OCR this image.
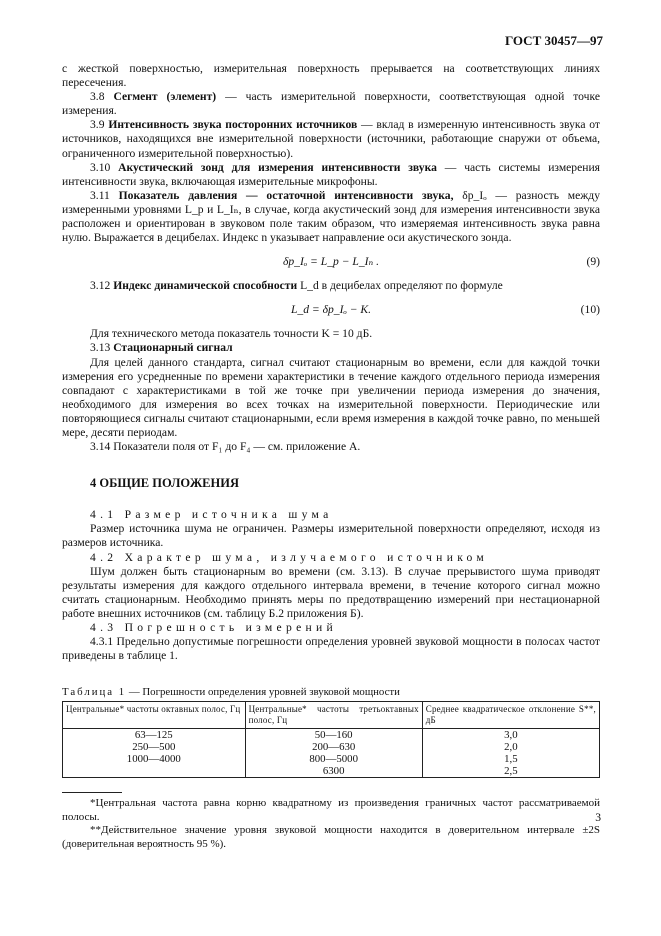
ГОСТ 30457—97

с жесткой поверхностью, измерительная поверхность прерывается на соответствующих линиях пересечения.

3.8 Сегмент (элемент) — часть измерительной поверхности, соответствующая одной точке измерения.

3.9 Интенсивность звука посторонних источников — вклад в измеренную интенсивность звука от источников, находящихся вне измерительной поверхности (источники, работающие снаружи от объема, ограниченного измерительной поверхностью).

3.10 Акустический зонд для измерения интенсивности звука — часть системы измерения интенсивности звука, включающая измерительные микрофоны.

3.11 Показатель давления — остаточной интенсивности звука, δp_Iₒ — разность между измеренными уровнями L_p и L_Iₙ, в случае, когда акустический зонд для измерения интенсивности звука расположен и ориентирован в звуковом поле таким образом, что измеряемая интенсивность звука равна нулю. Выражается в децибелах. Индекс n указывает направление оси акустического зонда.

δp_Iₒ = L_p − L_Iₙ .	(9)

3.12 Индекс динамической способности L_d в децибелах определяют по формуле

L_d = δp_Iₒ − K.	(10)

Для технического метода показатель точности K = 10 дБ.

3.13 Стационарный сигнал

Для целей данного стандарта, сигнал считают стационарным во времени, если для каждой точки измерения его усредненные по времени характеристики в течение каждого отдельного периода измерения совпадают с характеристиками в той же точке при увеличении периода измерения до значения, необходимого для измерения во всех точках на измерительной поверхности. Периодические или повторяющиеся сигналы считают стационарными, если время измерения в каждой точке равно, по меньшей мере, десяти периодам.

3.14 Показатели поля от F₁ до F₄ — см. приложение А.

4 ОБЩИЕ ПОЛОЖЕНИЯ

4.1 Размер источника шума

Размер источника шума не ограничен. Размеры измерительной поверхности определяют, исходя из размеров источника.

4.2 Характер шума, излучаемого источником

Шум должен быть стационарным во времени (см. 3.13). В случае прерывистого шума приводят результаты измерения для каждого отдельного интервала времени, в течение которого сигнал можно считать стационарным. Необходимо принять меры по предотвращению измерений при нестационарной работе внешних источников (см. таблицу Б.2 приложения Б).

4.3 Погрешность измерений

4.3.1 Предельно допустимые погрешности определения уровней звуковой мощности в полосах частот приведены в таблице 1.

Таблица 1 — Погрешности определения уровней звуковой мощности
Центральные* частоты октавных полос, Гц	Центральные* частоты третьоктавных полос, Гц	Среднее квадратическое отклонение S**, дБ
63—125	50—160	3,0
250—500	200—630	2,0
1000—4000	800—5000	1,5
	6300	2,5

*Центральная частота равна корню квадратному из произведения граничных частот рассматриваемой полосы.

**Действительное значение уровня звуковой мощности находится в доверительном интервале ±2S (доверительная вероятность 95 %).

3
